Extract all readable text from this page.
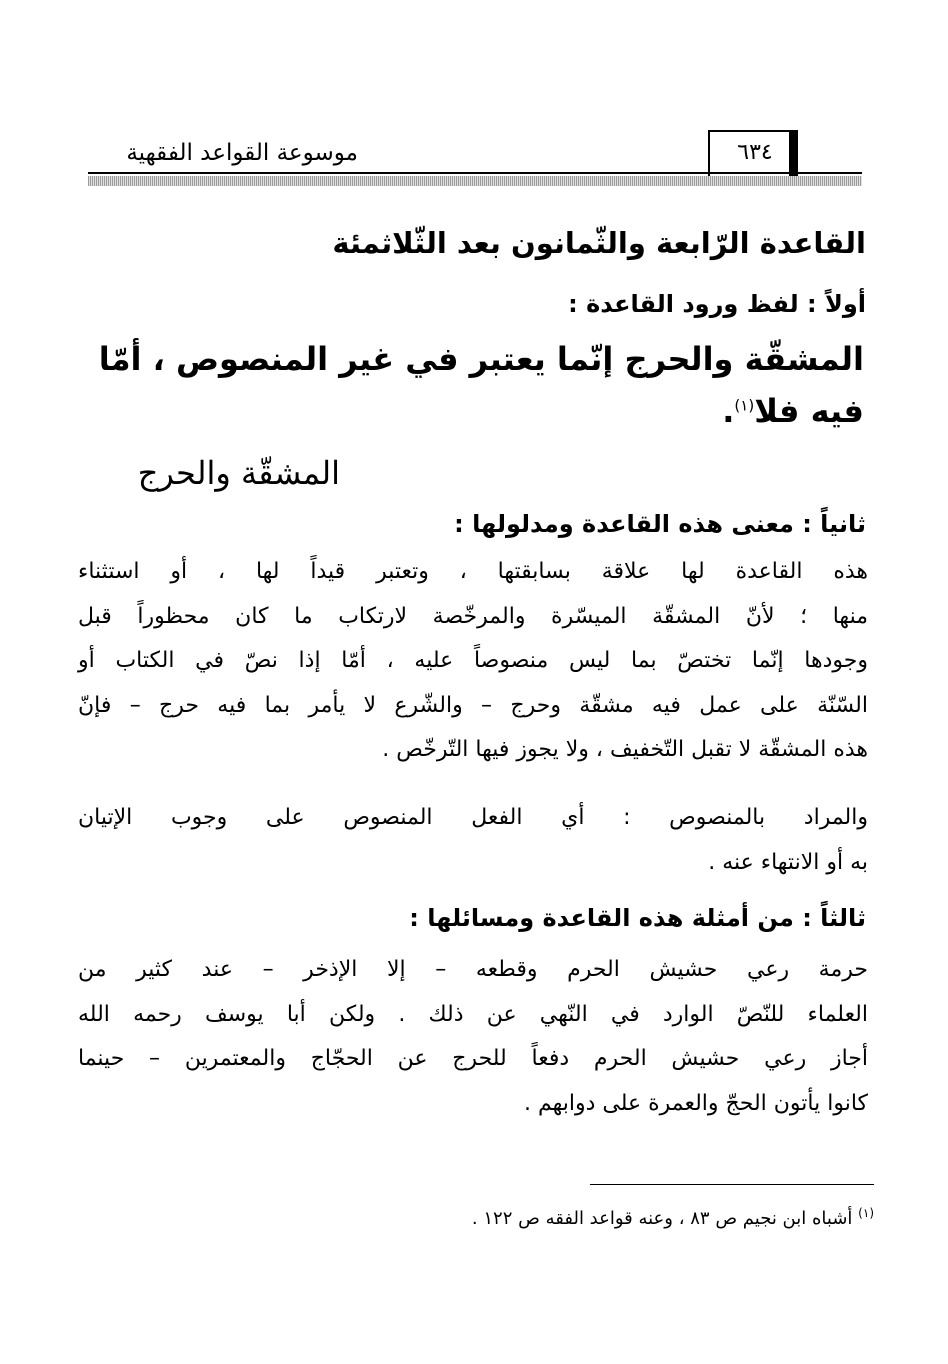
موسوعة القواعد الفقهية	٦٣٤
القاعدة الرّابعة والثّمانون بعد الثّلاثمئة
أولاً : لفظ ورود القاعدة :
المشقّة والحرج إنّما يعتبر في غير المنصوص ، أمّا
فيه فلا$^{(١)}$.
المشقّة والحرج
ثانياً : معنى هذه القاعدة ومدلولها :
هذه القاعدة لها علاقة بسابقتها ، وتعتبر قيداً لها ، أو استثناء
منها ؛ لأنّ المشقّة الميسّرة والمرخّصة لارتكاب ما كان محظوراً قبل
وجودها إنّما تختصّ بما ليس منصوصاً عليه ، أمّا إذا نصّ في الكتاب أو
السّنّة على عمل فيه مشقّة وحرج – والشّرع لا يأمر بما فيه حرج – فإنّ
هذه المشقّة لا تقبل التّخفيف ، ولا يجوز فيها التّرخّص .
والمراد بالمنصوص : أي الفعل المنصوص على وجوب الإتيان
به أو الانتهاء عنه .
ثالثاً : من أمثلة هذه القاعدة ومسائلها :
حرمة رعي حشيش الحرم وقطعه – إلا الإذخر – عند كثير من
العلماء للنّصّ الوارد في النّهي عن ذلك . ولكن أبا يوسف رحمه الله
أجاز رعي حشيش الحرم دفعاً للحرج عن الحجّاج والمعتمرين – حينما
كانوا يأتون الحجّ والعمرة على دوابهم .
$^{(١)}$ أشباه ابن نجيم ص ٨٣ ، وعنه قواعد الفقه ص ١٢٢ .
